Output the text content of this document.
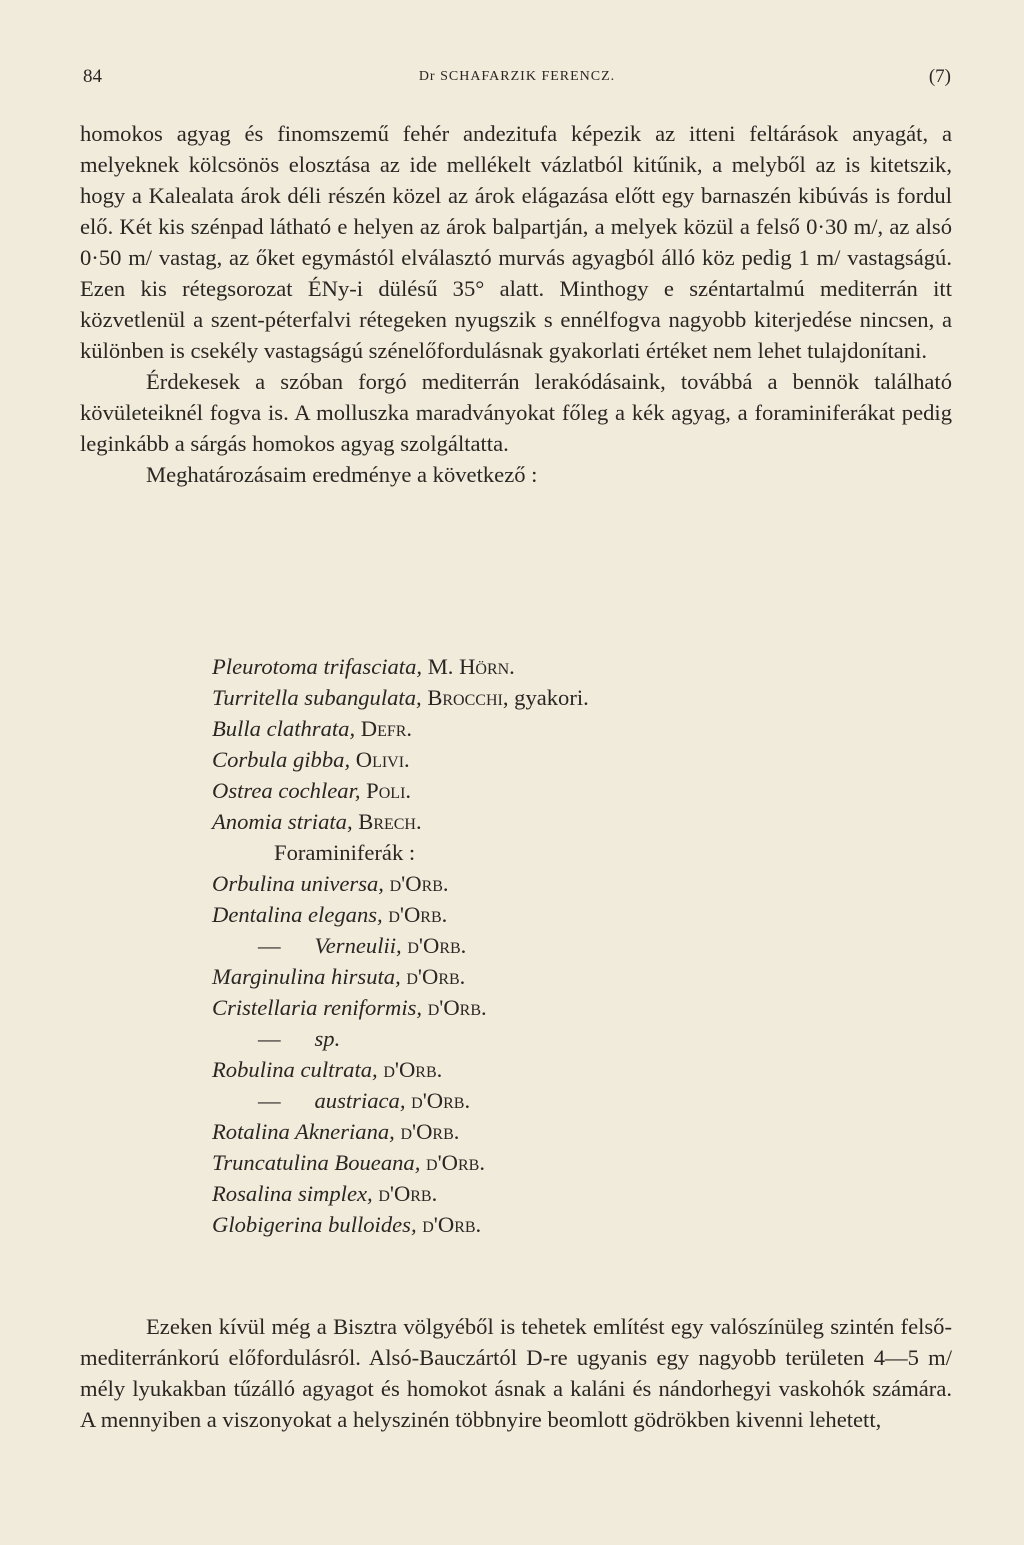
84	Dr SCHAFARZIK FERENCZ.	(7)

homokos agyag és finomszemű fehér andezitufa képezik az itteni feltárások anyagát, a melyeknek kölcsönös elosztása az ide mellékelt vázlatból kitűnik, a melyből az is kitetszik, hogy a Kalealata árok déli részén közel az árok elágazása előtt egy barnaszén kibúvás is fordul elő. Két kis szénpad látható e helyen az árok balpartján, a melyek közül a felső 0·30 m/, az alsó 0·50 m/ vastag, az őket egymástól elválasztó murvás agyagból álló köz pedig 1 m/ vastagságú. Ezen kis rétegsorozat ÉNy-i dülésű 35° alatt. Minthogy e széntartalmú mediterrán itt közvetlenül a szent-péterfalvi rétegeken nyugszik s ennélfogva nagyobb kiterjedése nincsen, a különben is csekély vastagságú szénelőfordulásnak gyakorlati értéket nem lehet tulajdonítani.

Érdekesek a szóban forgó mediterrán lerakódásaink, továbbá a bennök található kövületeiknél fogva is. A molluszka maradványokat főleg a kék agyag, a foraminiferákat pedig leginkább a sárgás homokos agyag szolgáltatta.

Meghatározásaim eredménye a következő :

Pleurotoma trifasciata, M. Hörn.
Turritella subangulata, Brocchi, gyakori.
Bulla clathrata, Defr.
Corbula gibba, Olivi.
Ostrea cochlear, Poli.
Anomia striata, Brech.
Foraminiferák :
Orbulina universa, d'Orb.
Dentalina elegans, d'Orb.
— Verneulii, d'Orb.
Marginulina hirsuta, d'Orb.
Cristellaria reniformis, d'Orb.
— sp.
Robulina cultrata, d'Orb.
— austriaca, d'Orb.
Rotalina Akneriana, d'Orb.
Truncatulina Boueana, d'Orb.
Rosalina simplex, d'Orb.
Globigerina bulloides, d'Orb.

Ezeken kívül még a Bisztra völgyéből is tehetek említést egy valószínüleg szintén felső-mediterránkorú előfordulásról. Alsó-Bauczártól D-re ugyanis egy nagyobb területen 4—5 m/ mély lyukakban tűzálló agyagot és homokot ásnak a kaláni és nándorhegyi vaskohók számára. A mennyiben a viszonyokat a helyszinén többnyire beomlott gödrökben kivenni lehetett,
